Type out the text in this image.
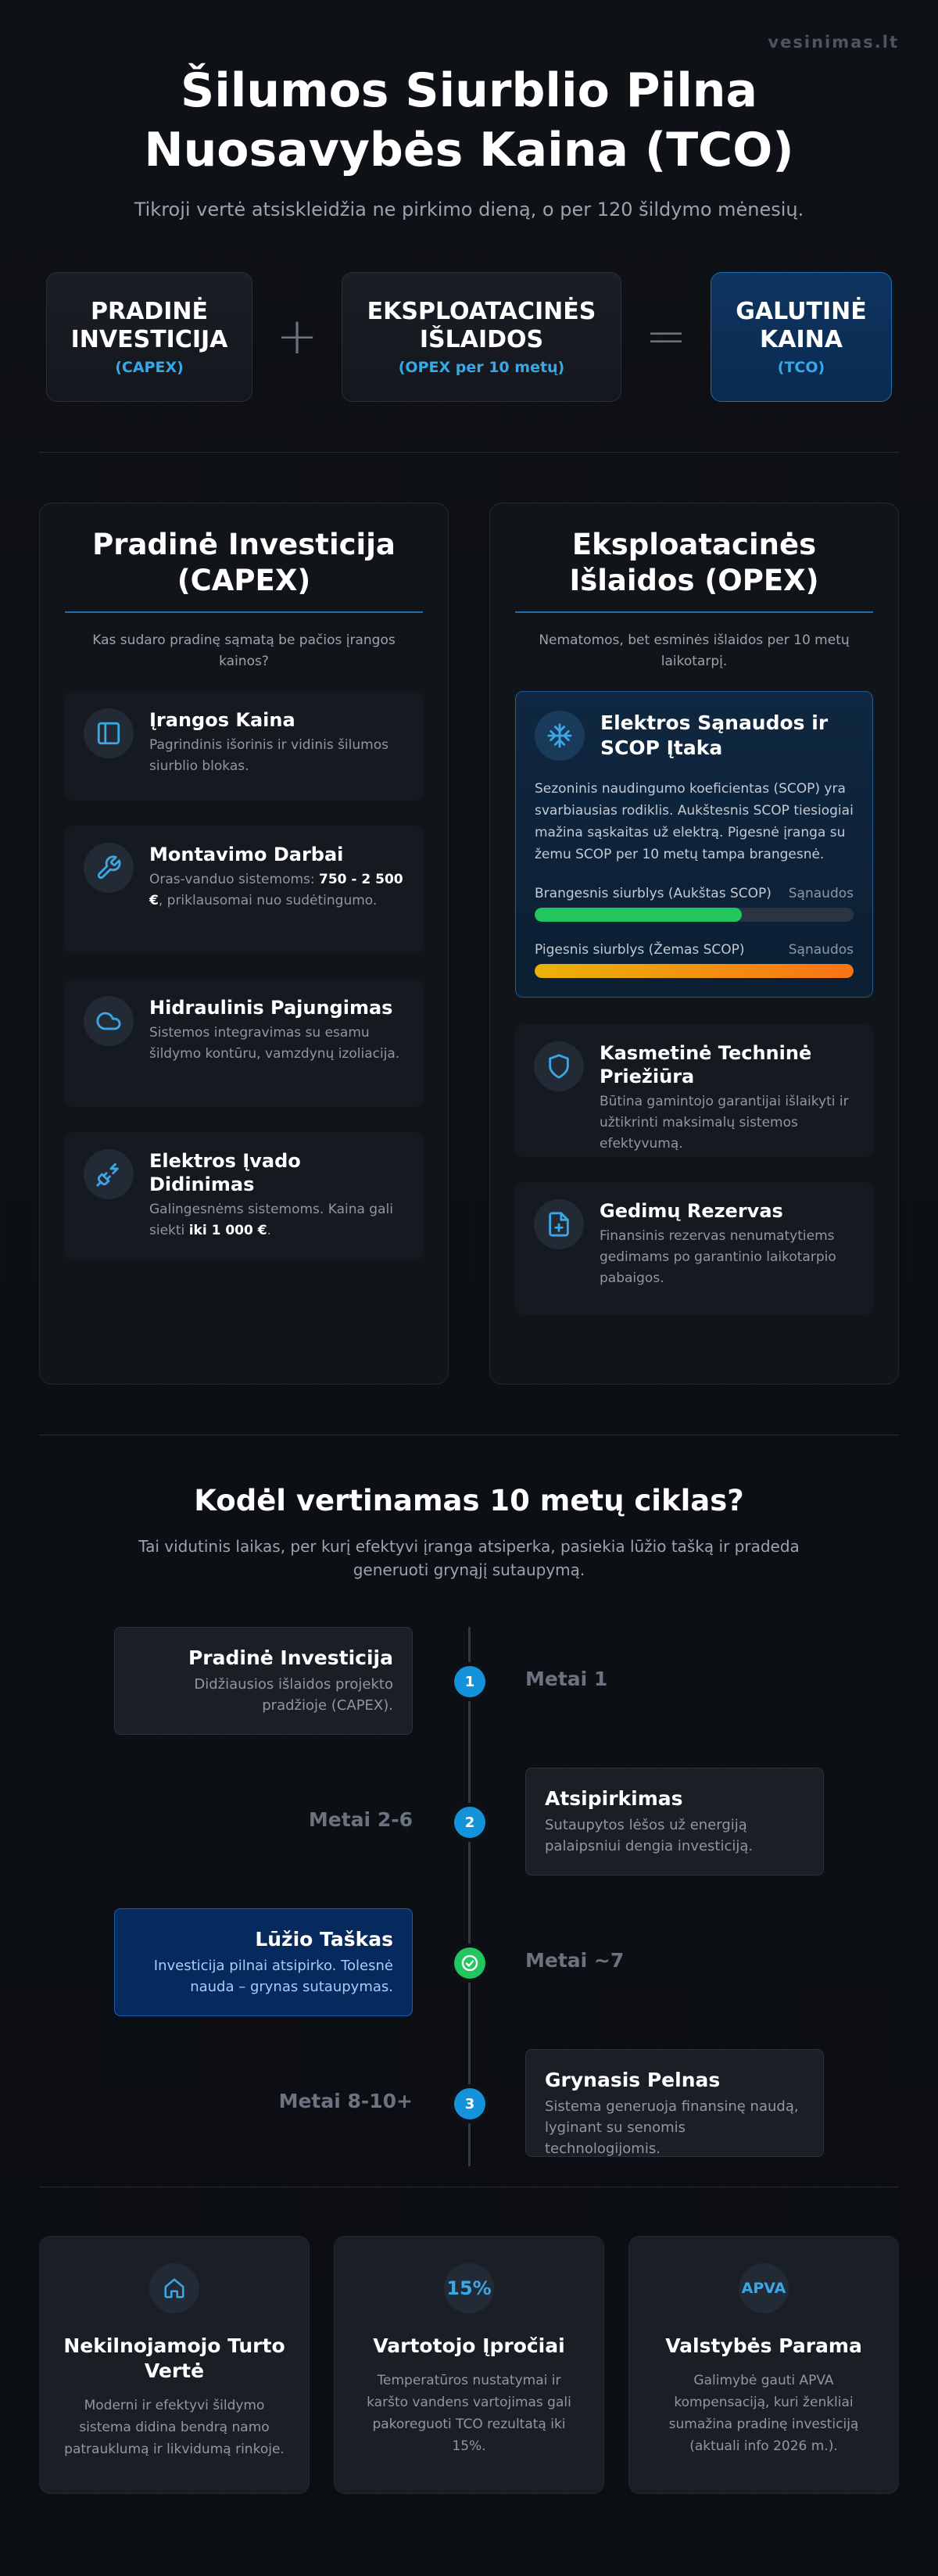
vesinimas.lt
Šilumos Siurblio Pilna Nuosavybės Kaina (TCO)

Tikroji vertė atsiskleidžia ne pirkimo dieną, o per 120 šildymo mėnesių.

PRADINĖ INVESTICIJA
(CAPEX)
+	EKSPLOATACINĖS IŠLAIDOS
(OPEX per 10 metų)
=	GALUTINĖ KAINA
(TCO)
Pradinė Investicija (CAPEX)

Kas sudaro pradinę sąmatą be pačios įrangos kainos?

Įrangos Kaina
Pagrindinis išorinis ir vidinis šilumos siurblio blokas.
Montavimo Darbai
Oras-vanduo sistemoms: 750 - 2 500 €, priklausomai nuo sudėtingumo.
Hidraulinis Pajungimas
Sistemos integravimas su esamu šildymo kontūru, vamzdynų izoliacija.
Elektros Įvado Didinimas
Galingesnėms sistemoms. Kaina gali siekti iki 1 000 €.
Eksploatacinės Išlaidos (OPEX)

Nematomos, bet esminės išlaidos per 10 metų laikotarpį.

Elektros Sąnaudos ir SCOP Įtaka

Sezoninis naudingumo koeficientas (SCOP) yra svarbiausias rodiklis. Aukštesnis SCOP tiesiogiai mažina sąskaitas už elektrą. Pigesnė įranga su žemu SCOP per 10 metų tampa brangesnė.

Brangesnis siurblys (Aukštas SCOP) Sąnaudos
Pigesnis siurblys (Žemas SCOP)	Sąnaudos
Kasmetinė Techninė Priežiūra
Būtina gamintojo garantijai išlaikyti ir užtikrinti maksimalų sistemos efektyvumą.
Gedimų Rezervas
Finansinis rezervas nenumatytiems gedimams po garantinio laikotarpio pabaigos.
Kodėl vertinamas 10 metų ciklas?

Tai vidutinis laikas, per kurį efektyvi įranga atsiperka, pasiekia lūžio tašką ir pradeda generuoti grynąjį sutaupymą.

Pradinė Investicija
Didžiausios išlaidos projekto pradžioje (CAPEX).
1	Metai 1
Metai 2-6	2
Atsipirkimas
Sutaupytos lėšos už energiją palaipsniui dengia investiciją.
Lūžio Taškas
Investicija pilnai atsipirko. Tolesnė nauda – grynas sutaupymas.
Metai ~7
Metai 8-10+	3
Grynasis Pelnas
Sistema generuoja finansinę naudą, lyginant su senomis technologijomis.
Nekilnojamojo Turto Vertė
Moderni ir efektyvi šildymo sistema didina bendrą namo patrauklumą ir likvidumą rinkoje.
15%
Vartotojo Įpročiai
Temperatūros nustatymai ir karšto vandens vartojimas gali pakoreguoti TCO rezultatą iki 15%.
APVA
Valstybės Parama
Galimybė gauti APVA kompensaciją, kuri ženkliai sumažina pradinę investiciją (aktuali info 2026 m.).
